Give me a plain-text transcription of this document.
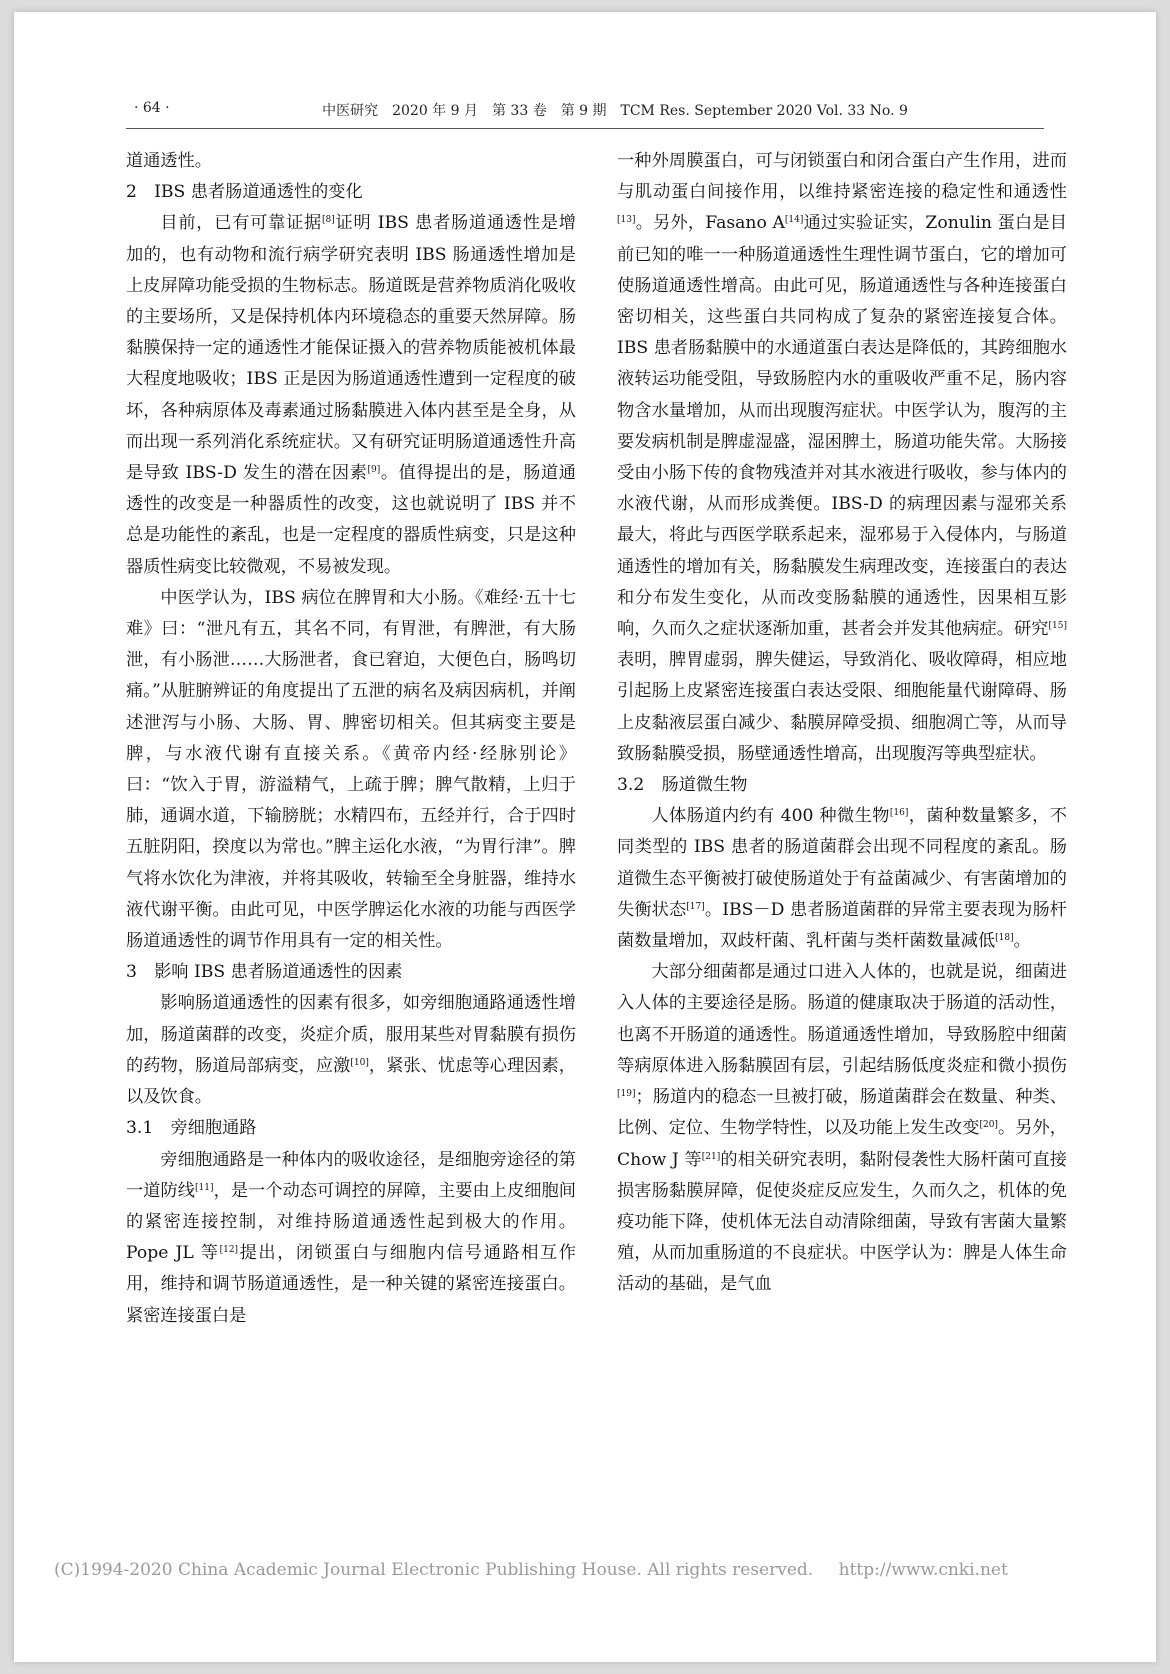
· 64 ·	中医研究　2020 年 9 月　第 33 卷　第 9 期　TCM Res. September 2020 Vol. 33 No. 9

道通透性。

2　IBS 患者肠道通透性的变化

目前，已有可靠证据[8]证明 IBS 患者肠道通透性是增加的，也有动物和流行病学研究表明 IBS 肠通透性增加是上皮屏障功能受损的生物标志。肠道既是营养物质消化吸收的主要场所，又是保持机体内环境稳态的重要天然屏障。肠黏膜保持一定的通透性才能保证摄入的营养物质能被机体最大程度地吸收；IBS 正是因为肠道通透性遭到一定程度的破坏，各种病原体及毒素通过肠黏膜进入体内甚至是全身，从而出现一系列消化系统症状。又有研究证明肠道通透性升高是导致 IBS-D 发生的潜在因素[9]。值得提出的是，肠道通透性的改变是一种器质性的改变，这也就说明了 IBS 并不总是功能性的紊乱，也是一定程度的器质性病变，只是这种器质性病变比较微观，不易被发现。

中医学认为，IBS 病位在脾胃和大小肠。《难经·五十七难》曰：“泄凡有五，其名不同，有胃泄，有脾泄，有大肠泄，有小肠泄……大肠泄者，食已窘迫，大便色白，肠鸣切痛。”从脏腑辨证的角度提出了五泄的病名及病因病机，并阐述泄泻与小肠、大肠、胃、脾密切相关。但其病变主要是脾，与水液代谢有直接关系。《黄帝内经·经脉别论》曰：“饮入于胃，游溢精气，上疏于脾；脾气散精，上归于肺，通调水道，下输膀胱；水精四布，五经并行，合于四时五脏阴阳，揆度以为常也。”脾主运化水液，“为胃行津”。脾气将水饮化为津液，并将其吸收，转输至全身脏器，维持水液代谢平衡。由此可见，中医学脾运化水液的功能与西医学肠道通透性的调节作用具有一定的相关性。

3　影响 IBS 患者肠道通透性的因素

影响肠道通透性的因素有很多，如旁细胞通路通透性增加，肠道菌群的改变，炎症介质，服用某些对胃黏膜有损伤的药物，肠道局部病变，应激[10]，紧张、忧虑等心理因素，以及饮食。

3.1　旁细胞通路

旁细胞通路是一种体内的吸收途径，是细胞旁途径的第一道防线[11]，是一个动态可调控的屏障，主要由上皮细胞间的紧密连接控制，对维持肠道通透性起到极大的作用。Pope JL 等[12]提出，闭锁蛋白与细胞内信号通路相互作用，维持和调节肠道通透性，是一种关键的紧密连接蛋白。紧密连接蛋白是

一种外周膜蛋白，可与闭锁蛋白和闭合蛋白产生作用，进而与肌动蛋白间接作用，以维持紧密连接的稳定性和通透性[13]。另外，Fasano A[14]通过实验证实，Zonulin 蛋白是目前已知的唯一一种肠道通透性生理性调节蛋白，它的增加可使肠道通透性增高。由此可见，肠道通透性与各种连接蛋白密切相关，这些蛋白共同构成了复杂的紧密连接复合体。IBS 患者肠黏膜中的水通道蛋白表达是降低的，其跨细胞水液转运功能受阻，导致肠腔内水的重吸收严重不足，肠内容物含水量增加，从而出现腹泻症状。中医学认为，腹泻的主要发病机制是脾虚湿盛，湿困脾土，肠道功能失常。大肠接受由小肠下传的食物残渣并对其水液进行吸收，参与体内的水液代谢，从而形成粪便。IBS-D 的病理因素与湿邪关系最大，将此与西医学联系起来，湿邪易于入侵体内，与肠道通透性的增加有关，肠黏膜发生病理改变，连接蛋白的表达和分布发生变化，从而改变肠黏膜的通透性，因果相互影响，久而久之症状逐渐加重，甚者会并发其他病症。研究[15]表明，脾胃虚弱，脾失健运，导致消化、吸收障碍，相应地引起肠上皮紧密连接蛋白表达受限、细胞能量代谢障碍、肠上皮黏液层蛋白减少、黏膜屏障受损、细胞凋亡等，从而导致肠黏膜受损，肠壁通透性增高，出现腹泻等典型症状。

3.2　肠道微生物

人体肠道内约有 400 种微生物[16]，菌种数量繁多，不同类型的 IBS 患者的肠道菌群会出现不同程度的紊乱。肠道微生态平衡被打破使肠道处于有益菌减少、有害菌增加的失衡状态[17]。IBS－D 患者肠道菌群的异常主要表现为肠杆菌数量增加，双歧杆菌、乳杆菌与类杆菌数量减低[18]。

大部分细菌都是通过口进入人体的，也就是说，细菌进入人体的主要途径是肠。肠道的健康取决于肠道的活动性，也离不开肠道的通透性。肠道通透性增加，导致肠腔中细菌等病原体进入肠黏膜固有层，引起结肠低度炎症和微小损伤[19]；肠道内的稳态一旦被打破，肠道菌群会在数量、种类、比例、定位、生物学特性，以及功能上发生改变[20]。另外，Chow J 等[21]的相关研究表明，黏附侵袭性大肠杆菌可直接损害肠黏膜屏障，促使炎症反应发生，久而久之，机体的免疫功能下降，使机体无法自动清除细菌，导致有害菌大量繁殖，从而加重肠道的不良症状。中医学认为：脾是人体生命活动的基础，是气血

(C)1994-2020 China Academic Journal Electronic Publishing House. All rights reserved. http://www.cnki.net
